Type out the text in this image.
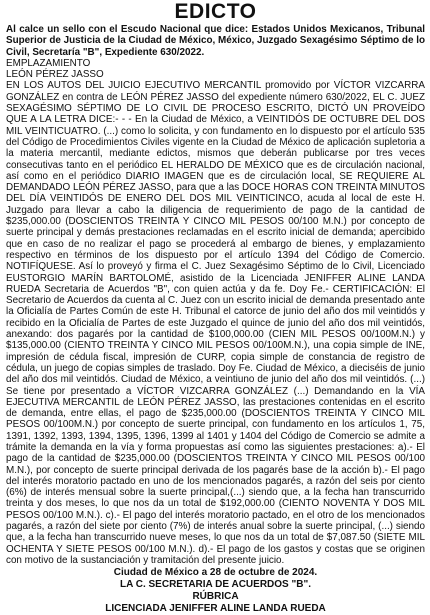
EDICTO

Al calce un sello con el Escudo Nacional que dice: Estados Unidos Mexicanos, Tribunal Superior de Justicia de la Ciudad de México, México, Juzgado Sexagésimo Séptimo de lo Civil, Secretaría "B", Expediente 630/2022.

EMPLAZAMIENTO

LEÓN PÉREZ JASSO

EN LOS AUTOS DEL JUICIO EJECUTIVO MERCANTIL promovido por VÍCTOR VIZCARRA GONZÁLEZ en contra de LEÓN PÉREZ JASSO del expediente número 630/2022, EL C. JUEZ SEXAGÉSIMO SÉPTIMO DE LO CIVIL DE PROCESO ESCRITO, DICTÓ UN PROVEÍDO QUE A LA LETRA DICE:- - - En la Ciudad de México, a VEINTIDÓS DE OCTUBRE DEL DOS MIL VEINTICUATRO. (...) como lo solicita, y con fundamento en lo dispuesto por el artículo 535 del Código de Procedimientos Civiles vigente en la Ciudad de México de aplicación supletoria a la materia mercantil, mediante edictos, mismos que deberán publicarse por tres veces consecutivas tanto en el periódico EL HERALDO DE MÉXICO que es de circulación nacional, así como en el periódico DIARIO IMAGEN que es de circulación local, SE REQUIERE AL DEMANDADO LEÓN PÉREZ JASSO, para que a las DOCE HORAS CON TREINTA MINUTOS DEL DÍA VEINTIDÓS DE ENERO DEL DOS MIL VEINTICINCO, acuda al local de este H. Juzgado para llevar a cabo la diligencia de requerimiento de pago de la cantidad de $235,000.00 (DOSCIENTOS TREINTA Y CINCO MIL PESOS 00/100 M.N.) por concepto de suerte principal y demás prestaciones reclamadas en el escrito inicial de demanda; apercibido que en caso de no realizar el pago se procederá al embargo de bienes, y emplazamiento respectivo en términos de los dispuesto por el artículo 1394 del Código de Comercio. NOTIFÍQUESE. Así lo proveyó y firma el C. Juez Sexagésimo Séptimo de lo Civil, Licenciado EUSTORGIO MARÍN BARTOLOMÉ, asistido de la Licenciada JENIFFER ALINE LANDA RUEDA Secretaria de Acuerdos "B", con quien actúa y da fe. Doy Fe.- CERTIFICACIÓN: El Secretario de Acuerdos da cuenta al C. Juez con un escrito inicial de demanda presentado ante la Oficialía de Partes Común de este H. Tribunal el catorce de junio del año dos mil veintidós y recibido en la Oficialía de Partes de este Juzgado el quince de junio del año dos mil veintidós, anexando: dos pagarés por la cantidad de $100,000.00 (CIEN MIL PESOS 00/100M.N.) y $135,000.00 (CIENTO TREINTA Y CINCO MIL PESOS 00/100M.N.), una copia simple de INE, impresión de cédula fiscal, impresión de CURP, copia simple de constancia de registro de cédula, un juego de copias simples de traslado. Doy Fe. Ciudad de México, a dieciséis de junio del año dos mil veintidós. Ciudad de México, a veintiuno de junio del año dos mil veintidós. (...) Se tiene por presentado a VÍCTOR VIZCARRA GONZÁLEZ (...) Demandando en la VÍA EJECUTIVA MERCANTIL de LEÓN PÉREZ JASSO, las prestaciones contenidas en el escrito de demanda, entre ellas, el pago de $235,000.00 (DOSCIENTOS TREINTA Y CINCO MIL PESOS 00/100M.N.) por concepto de suerte principal, con fundamento en los artículos 1, 75, 1391, 1392, 1393, 1394, 1395, 1396, 1399 al 1401 y 1404 del Código de Comercio se admite a trámite la demanda en la vía y forma propuestas así como las siguientes prestaciones: a).- El pago de la cantidad de $235,000.00 (DOSCIENTOS TREINTA Y CINCO MIL PESOS 00/100 M.N.), por concepto de suerte principal derivada de los pagarés base de la acción b).- El pago del interés moratorio pactado en uno de los mencionados pagarés, a razón del seis por ciento (6%) de interés mensual sobre la suerte principal,(...) siendo que, a la fecha han transcurrido treinta y dos meses, lo que nos da un total de $192,000.00 (CIENTO NOVENTA Y DOS MIL PESOS 00/100 M.N.). c).- El pago del interés moratorio pactado, en el otro de los mencionados pagarés, a razón del siete por ciento (7%) de interés anual sobre la suerte principal, (...) siendo que, a la fecha han transcurrido nueve meses, lo que nos da un total de $7,087.50 (SIETE MIL OCHENTA Y SIETE PESOS 00/100 M.N.). d).- El pago de los gastos y costas que se originen con motivo de la sustanciación y tramitación del presente juicio.

Ciudad de México a 28 de octubre de 2024.
LA C. SECRETARIA DE ACUERDOS "B".
RÚBRICA
LICENCIADA JENIFFER ALINE LANDA RUEDA
